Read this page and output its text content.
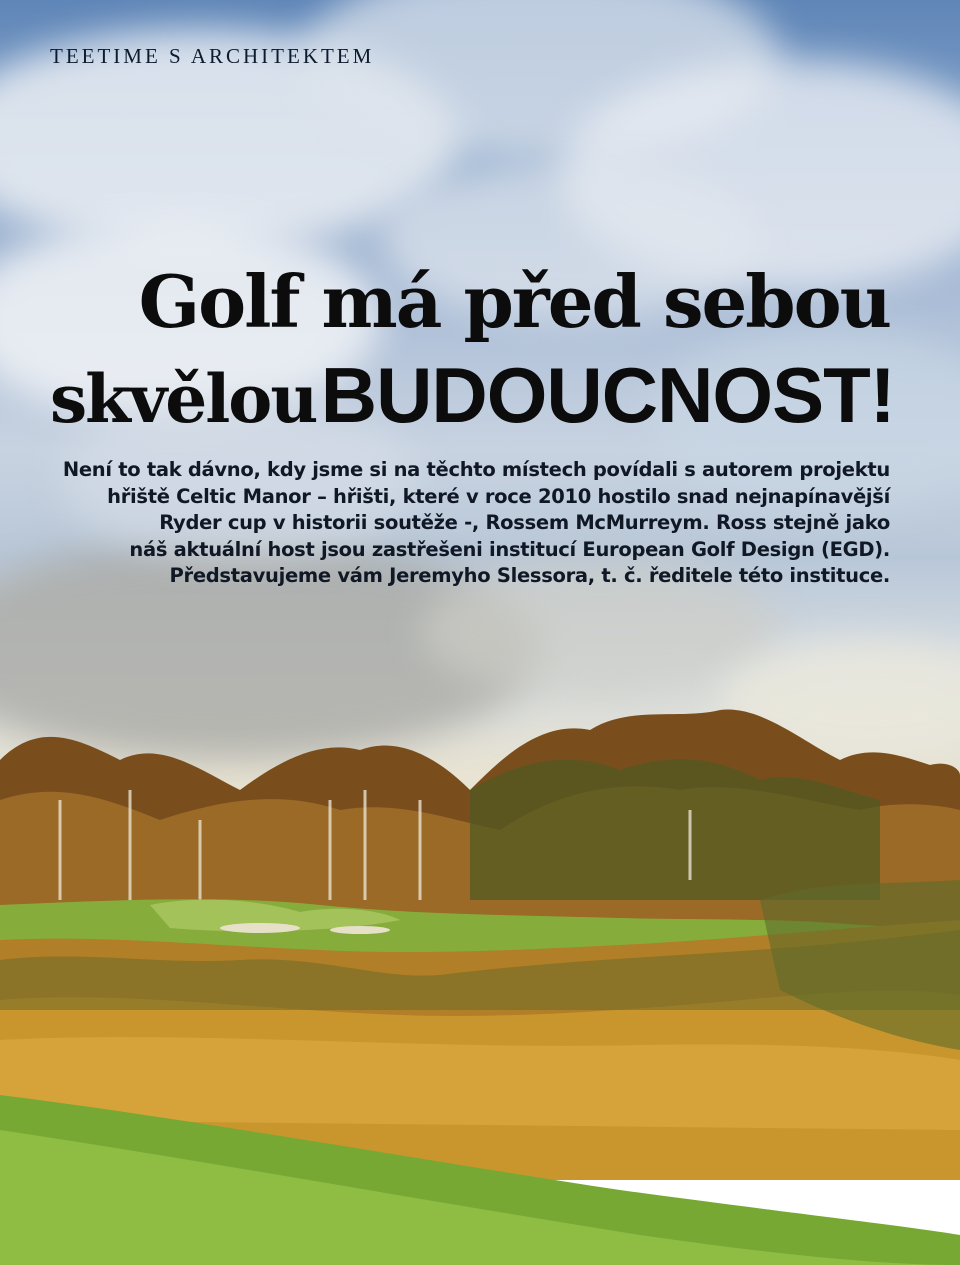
TEETIME S ARCHITEKTEM
Golf má před sebou
skvělou BUDOUCNOST!

Není to tak dávno, kdy jsme si na těchto místech povídali s autorem projektu

hřiště Celtic Manor – hřišti, které v roce 2010 hostilo snad nejnapínavější

Ryder cup v historii soutěže -, Rossem McMurreym. Ross stejně jako

náš aktuální host jsou zastřešeni institucí European Golf Design (EGD).

Představujeme vám Jeremyho Slessora, t. č. ředitele této instituce.
